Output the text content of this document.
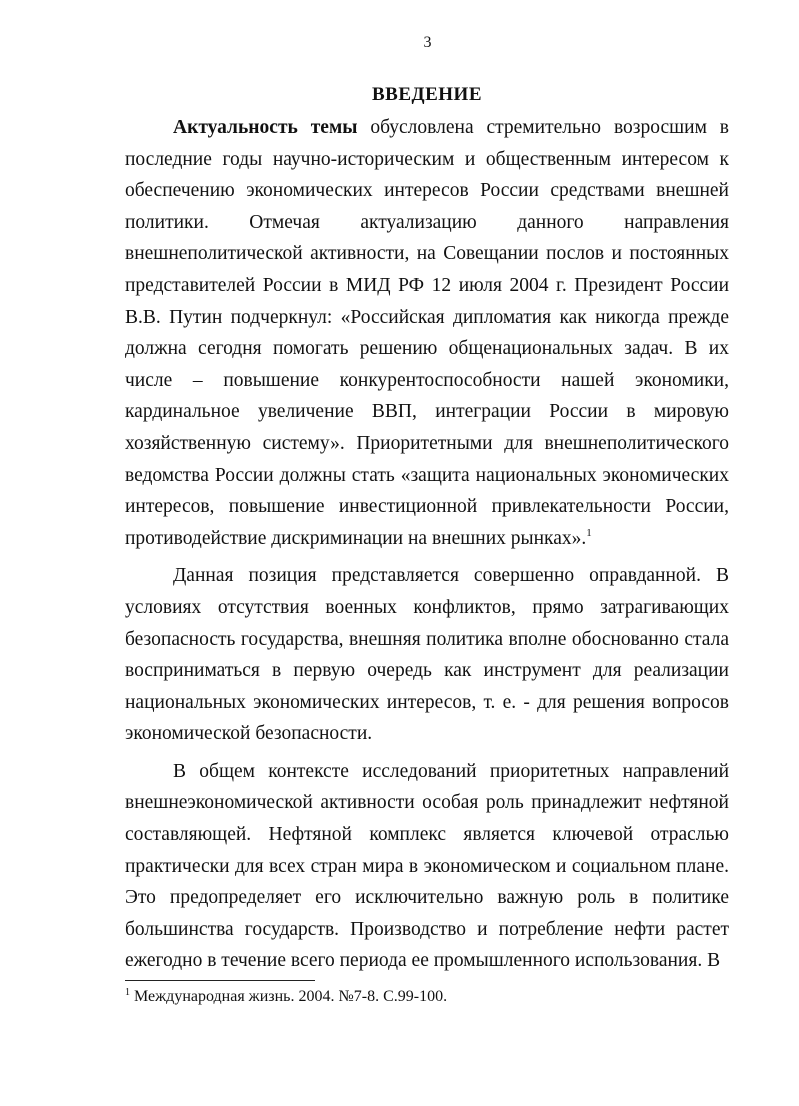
3
ВВЕДЕНИЕ

Актуальность темы обусловлена стремительно возросшим в последние годы научно-историческим и общественным интересом к обеспечению экономических интересов России средствами внешней политики. Отмечая актуализацию данного направления внешнеполитической активности, на Совещании послов и постоянных представителей России в МИД РФ 12 июля 2004 г. Президент России В.В. Путин подчеркнул: «Российская дипломатия как никогда прежде должна сегодня помогать решению общенациональных задач. В их числе – повышение конкурентоспособности нашей экономики, кардинальное увеличение ВВП, интеграции России в мировую хозяйственную систему». Приоритетными для внешнеполитического ведомства России должны стать «защита национальных экономических интересов, повышение инвестиционной привлекательности России, противодействие дискриминации на внешних рынках».$^1$

Данная позиция представляется совершенно оправданной. В условиях отсутствия военных конфликтов, прямо затрагивающих безопасность государства, внешняя политика вполне обоснованно стала восприниматься в первую очередь как инструмент для реализации национальных экономических интересов, т. е. - для решения вопросов экономической безопасности.

В общем контексте исследований приоритетных направлений внешнеэкономической активности особая роль принадлежит нефтяной составляющей. Нефтяной комплекс является ключевой отраслью практически для всех стран мира в экономическом и социальном плане. Это предопределяет его исключительно важную роль в политике большинства государств. Производство и потребление нефти растет ежегодно в течение всего периода ее промышленного использования. В

$^1$ Международная жизнь. 2004. №7-8. С.99-100.
